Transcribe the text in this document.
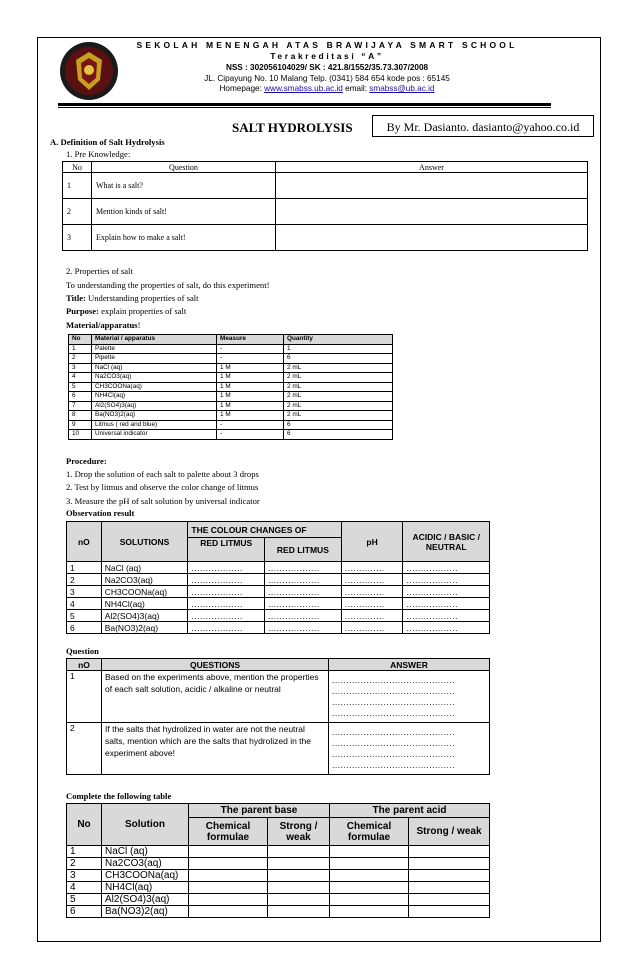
SEKOLAH MENENGAH ATAS BRAWIJAYA SMART SCHOOL
Terakreditasi “A”
NSS : 302056104029/ SK : 421.8/1552/35.73.307/2008
JL. Cipayung No. 10 Malang Telp. (0341) 584 654 kode pos : 65145
Homepage: www.smabss.ub.ac.id email: smabss@ub.ac.id
SALT HYDROLYSIS	By Mr. Dasianto. dasianto@yahoo.co.id
A. Definition of Salt Hydrolysis
1. Pre Knowledge:
No	Question	Answer
1	What is a salt?	
2	Mention kinds of salt!	
3	Explain how to make a salt!	
2. Properties of salt
To understanding the properties of salt, do this experiment!
Title: Understanding properties of salt
Purpose: explain properties of salt
Material/apparatus!
No	Material / apparatus	Measure	Quantity
1	Palette	-	1
2	Pipette	-	6
3	NaCl (aq)	1 M	2 mL
4	Na2CO3(aq)	1 M	2 mL
5	CH3COONa(aq)	1 M	2 mL
6	NH4Cl(aq)	1 M	2 mL
7	Al2(SO4)3(aq)	1 M	2 mL
8	Ba(NO3)2(aq)	1 M	2 mL
9	Litmus ( red and blue)	-	6
10	Universal indicator	-	6
Procedure:
1. Drop the solution of each salt to palette about 3 drops
2. Test by litmus and observe the color change of litmus
3. Measure the pH of salt solution by universal indicator
Observation result
nO	SOLUTIONS	THE COLOUR CHANGES OF		pH	ACIDIC / BASIC / NEUTRAL
		RED LITMUS	RED LITMUS		
1	NaCl (aq)	..................	..................	..............	..................
2	Na2CO3(aq)	..................	..................	..............	..................
3	CH3COONa(aq)	..................	..................	..............	..................
4	NH4Cl(aq)	..................	..................	..............	..................
5	Al2(SO4)3(aq)	..................	..................	..............	..................
6	Ba(NO3)2(aq)	..................	..................	..............	..................
Question
nO	QUESTIONS	ANSWER
1	Based on the experiments above, mention the properties of each salt solution, acidic / alkaline or neutral	...........................................
...........................................
...........................................
...........................................

2	If the salts that hydrolized in water are not the neutral salts, mention which are the salts that hydrolized in the experiment above!	...........................................
...........................................
...........................................
...........................................
Complete the following table
No	Solution	The parent base		The parent acid	
		Chemical formulae	Strong / weak	Chemical formulae	Strong / weak
1	NaCl (aq)				
2	Na2CO3(aq)				
3	CH3COONa(aq)				
4	NH4Cl(aq)				
5	Al2(SO4)3(aq)				
6	Ba(NO3)2(aq)				
